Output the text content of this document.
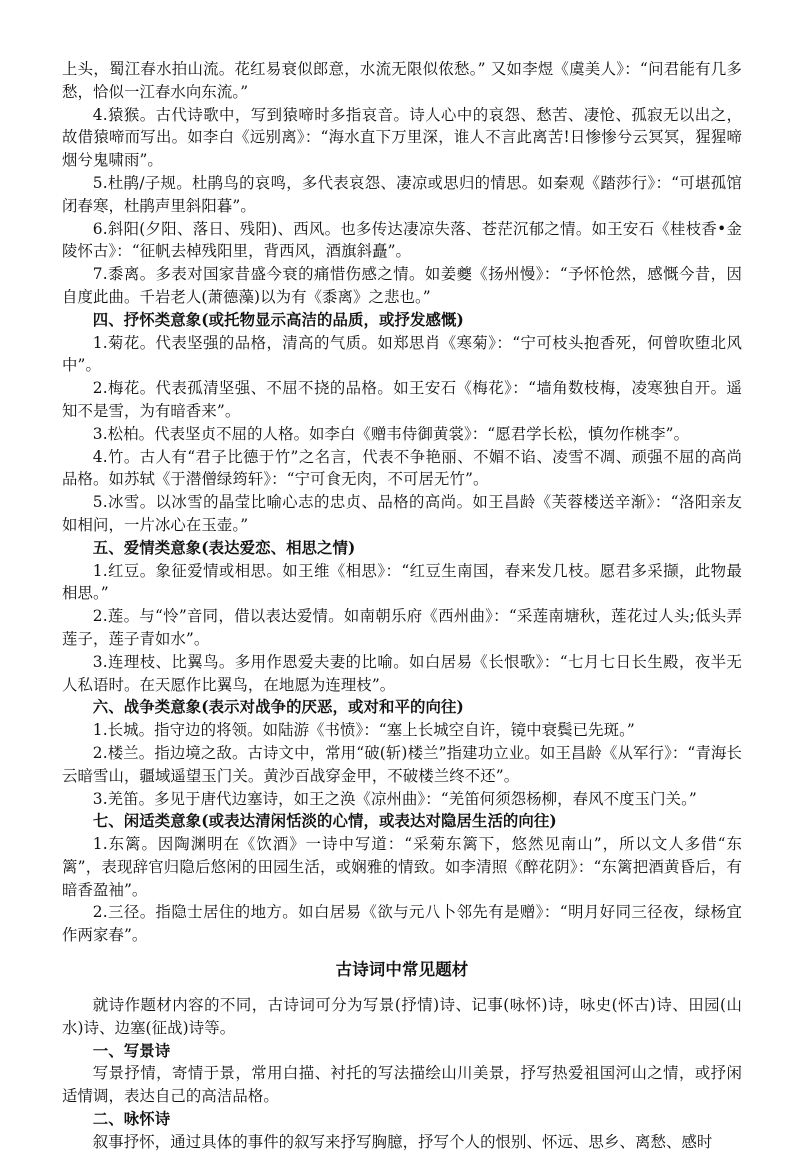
上头，蜀江春水拍山流。花红易衰似郎意，水流无限似侬愁。” 又如李煜《虞美人》：“问君能有几多愁，恰似一江春水向东流。”
4.猿猴。古代诗歌中，写到猿啼时多指哀音。诗人心中的哀怨、愁苦、凄怆、孤寂无以出之，故借猿啼而写出。如李白《远别离》：“海水直下万里深，谁人不言此离苦!日惨惨兮云冥冥，猩猩啼烟兮鬼啸雨”。
5.杜鹃/子规。杜鹃鸟的哀鸣，多代表哀怨、凄凉或思归的情思。如秦观《踏莎行》：“可堪孤馆闭春寒，杜鹃声里斜阳暮”。
6.斜阳(夕阳、落日、残阳)、西风。也多传达凄凉失落、苍茫沉郁之情。如王安石《桂枝香•金陵怀古》：“征帆去棹残阳里，背西风，酒旗斜矗”。
7.黍离。多表对国家昔盛今衰的痛惜伤感之情。如姜夔《扬州慢》：“予怀怆然，感慨今昔，因自度此曲。千岩老人(萧德藻)以为有《黍离》之悲也。”
四、抒怀类意象(或托物显示高洁的品质，或抒发感慨)
1.菊花。代表坚强的品格，清高的气质。如郑思肖《寒菊》：“宁可枝头抱香死，何曾吹堕北风中”。
2.梅花。代表孤清坚强、不屈不挠的品格。如王安石《梅花》：“墙角数枝梅，凌寒独自开。遥知不是雪，为有暗香来”。
3.松柏。代表坚贞不屈的人格。如李白《赠韦侍御黄裳》：“愿君学长松，慎勿作桃李”。
4.竹。古人有“君子比德于竹”之名言，代表不争艳丽、不媚不谄、凌雪不凋、顽强不屈的高尚品格。如苏轼《于潜僧绿筠轩》：“宁可食无肉，不可居无竹”。
5.冰雪。以冰雪的晶莹比喻心志的忠贞、品格的高尚。如王昌龄《芙蓉楼送辛渐》：“洛阳亲友如相问，一片冰心在玉壶。”
五、爱情类意象(表达爱恋、相思之情)
1.红豆。象征爱情或相思。如王维《相思》：“红豆生南国，春来发几枝。愿君多采撷，此物最相思。”
2.莲。与“怜”音同，借以表达爱情。如南朝乐府《西州曲》：“采莲南塘秋，莲花过人头;低头弄莲子，莲子青如水”。
3.连理枝、比翼鸟。多用作恩爱夫妻的比喻。如白居易《长恨歌》：“七月七日长生殿，夜半无人私语时。在天愿作比翼鸟，在地愿为连理枝”。
六、战争类意象(表示对战争的厌恶，或对和平的向往)
1.长城。指守边的将领。如陆游《书愤》：“塞上长城空自许，镜中衰鬓已先斑。”
2.楼兰。指边境之敌。古诗文中，常用“破(斩)楼兰”指建功立业。如王昌龄《从军行》：“青海长云暗雪山，疆域遥望玉门关。黄沙百战穿金甲，不破楼兰终不还”。
3.羌笛。多见于唐代边塞诗，如王之涣《凉州曲》：“羌笛何须怨杨柳，春风不度玉门关。”
七、闲适类意象(或表达清闲恬淡的心情，或表达对隐居生活的向往)
1.东篱。因陶渊明在《饮酒》一诗中写道：“采菊东篱下，悠然见南山”，所以文人多借“东篱”，表现辞官归隐后悠闲的田园生活，或娴雅的情致。如李清照《醉花阴》：“东篱把酒黄昏后，有暗香盈袖”。
2.三径。指隐士居住的地方。如白居易《欲与元八卜邻先有是赠》：“明月好同三径夜，绿杨宜作两家春”。
古诗词中常见题材
就诗作题材内容的不同，古诗词可分为写景(抒情)诗、记事(咏怀)诗，咏史(怀古)诗、田园(山水)诗、边塞(征战)诗等。
一、写景诗
写景抒情，寄情于景，常用白描、衬托的写法描绘山川美景，抒写热爱祖国河山之情，或抒闲适情调，表达自己的高洁品格。
二、咏怀诗
叙事抒怀，通过具体的事件的叙写来抒写胸臆，抒写个人的恨别、怀远、思乡、离愁、感时
